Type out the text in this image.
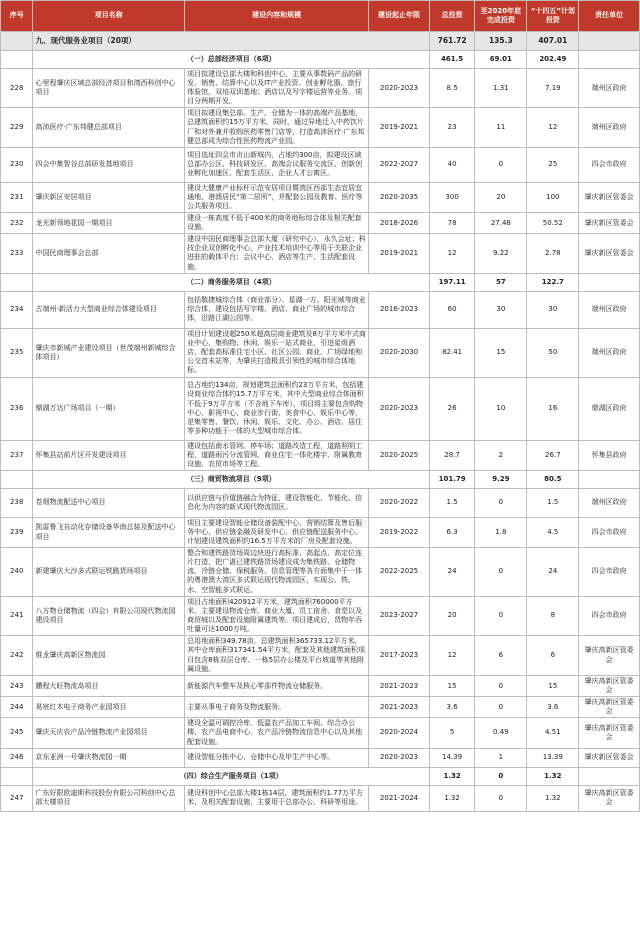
序号	项目名称	建设内容和规模	建设起止年限	总投资	至2020年底完成投资	“十四五”计划投资	责任单位
	九、现代服务业项目（20项）			761.72	135.3	407.01	
	（一）总部经济项目（6项）			461.5	69.01	202.49	
228	心里程肇庆区域总部经济项目和湾西科创中心项目	项目拟建设总部大楼和科创中心，主要从事数码产品的研发、销售、结算中心以及IT产业投资、创业孵化器、旅行体验馆、双培双训基地；酒店以及写字楼运营等业务。项目分两期开发。	2020-2023	8.5	1.31	7.19	端州区政府
229	高沛医疗·广东邦健总部项目	项目拟建设集总部、生产、仓储为一体的高端产品基地，总建筑面积约15万平方米。同时，通过异地迁入中药饮片厂和对外兼并收购医药零售门店等，打造高沛医疗·广东邦健总部成为综合性医药物流产业园。	2019-2021	23	11	12	端州区政府
230	四会中集智谷总部研发基地项目	项目选址四会市贞山新城内，占地约300亩，拟建设区域总部办公区、科技研发区、高端会议服务交流区、创新创业孵化加速区、配套生活区、企业人才公寓区。	2022-2027	40	0	25	四会市政府
231	肇庆新区安居项目	建设大健康产业标杆示范安居项目暨湾区西部生态宜居宜通地、港澳居民“第二居所”，并配套公园及教育、医疗等公共服务项目。	2020-2035	300	20	100	肇庆新区管委会
232	龙光新领地花园一期项目	建设一栋高度不低于400米的商务地标综合体及相关配套设施。	2018-2026	78	27.48	50.52	肇庆新区管委会
233	中国民商理事会总部	建设中国民商理事会总部大厦（研究中心），永久会址；科技企业双创孵化中心，产业技术培训中心等用于关联企业进驻的载体平台；会议中心、酒店等生产、生活配套设施。	2019-2021	12	9.22	2.78	肇庆新区管委会
	（二）商务服务项目（4项）			197.11	57	122.7	
234	古端州·新活力大型商业综合体建设项目	包括敬捷城综合体（商业部分）、星湖一方、阳光城等商业综合体，建设包括写字楼、酒店、商业广场的城市综合体，沿路江湖公园等。	2016-2023	60	30	30	端州区政府
235	肇庆市新城产业建设项目（世茂端州新城综合体项目）	项目计划建设超250米超高层商业建筑及8万平方米中式商业中心，集购物、休闲、娱乐一站式商业，引进星级酒店，配套高标准住宅小区、社区公园、商业、广场绿地和公交首末站等，为肇庆打造极具引领性的城市综合体地标。	2020-2030	82.41	15	50	端州区政府
236	鼎湖万达广场项目（一期）	总占地约134亩，规划建筑总面积约23万平方米，包括建设商业综合体约15.7万平方米，其中大型商业综合体面积不低于9万平方米（不含地下车库），项目将主要包含购物中心、影视中心、商业步行街、美食中心、娱乐中心等，是集零售、餐饮、休闲、娱乐、文化、办公、酒店、居住等多种功能于一体的大型城市综合体。	2020-2023	26	10	16	鼎湖区政府
237	怀集县站前片区开发建设项目	建设包括南水管网、停车场；道路改造工程，道路照明工程，道路雨污分流管网、商业住宅一体化楼宇、附属教育设施、农贸市场等工程。	2020-2025	28.7	2	26.7	怀集县政府
	（三）商贸物流项目（9项）			101.79	9.29	80.5	
238	卷烟物流配送中心项目	以供应链与价值链融合为特征，建设智能化、节能化、信息化为内容的新式现代物流园区。	2020-2022	1.5	0	1.5	端州区政府
239	凯雷鲁飞自动化存储设备华南总装及配送中心项目	项目主要建设智能仓储设备装配中心、营销结算及售后服务中心，供应链金融及研发中心、供应链配送服务中心。计划建设建筑面积约16.5万平方米的厂房及配套设施。	2019-2022	6.3	1.8	4.5	四会市政府
240	新建肇庆大沙多式联运铁路货场项目	整合和建铁路货场周边块进行高标准、高起点、高定位连片打造，把广湛已建铁路货场建设成为集铁路、仓储物流、冷链仓储、保税服务、信息管理等各方面集中于一体的粤港澳大湾区多式联运现代物流园区，实现公、铁、水、空智能多式联运。	2022-2025	24	0	24	四会市政府
241	八方物仓储物流（四会）有限公司现代物流园建设项目	项目占地面积420912平方米，建筑面积760000平方米，主要建设物流仓库、商业大厦、员工宿舍、食堂以及商贸城以及配套设施附属建筑等。项目建成后，货物年吞吐量可达1000万吨。	2023-2027	20	0	8	四会市政府
242	维龙肇庆高新区物流园	总用地面积349.78亩，总建筑面积365733.12平方米，其中仓库面积317341.54平方米，配套及其他建筑面积项目包含8栋双层仓库、一栋5层办公楼及平台坡道等其他附属设施。	2017-2023	12	6	6	肇庆高新区管委会
243	鹏程大旺物流岛项目	新能源汽车整车及核心零部件物流仓储服务。	2021-2023	15	0	15	肇庆高新区管委会
244	易宸红木电子商务产业园项目	主要从事电子商务及物流服务。	2021-2023	3.6	0	3.6	肇庆高新区管委会
245	肇庆天庆农产品冷链物流产业园项目	建设全温可调控冷库、低温农产品加工车间、综合办公楼、农产品电商中心、农产品冷链物流信息中心以及其他配套设施。	2020-2024	5	0.49	4.51	肇庆高新区管委会
246	京东亚洲一号肇庆物流园一期	建设智能分拣中心、仓储中心及甲生产中心等。	2020-2023	14.39	1	13.39	肇庆新区管委会
	（四）综合生产服务项目（1项）			1.32	0	1.32	
247	广东好限欧迪斯科技股份有限公司科创中心总部大楼项目	建设科创中心总部大楼1栋14层，建筑面积约1.77万平方米，及相关配套设施，主要用于总部办公、科研等用途。	2021-2024	1.32	0	1.32	肇庆高新区管委会
